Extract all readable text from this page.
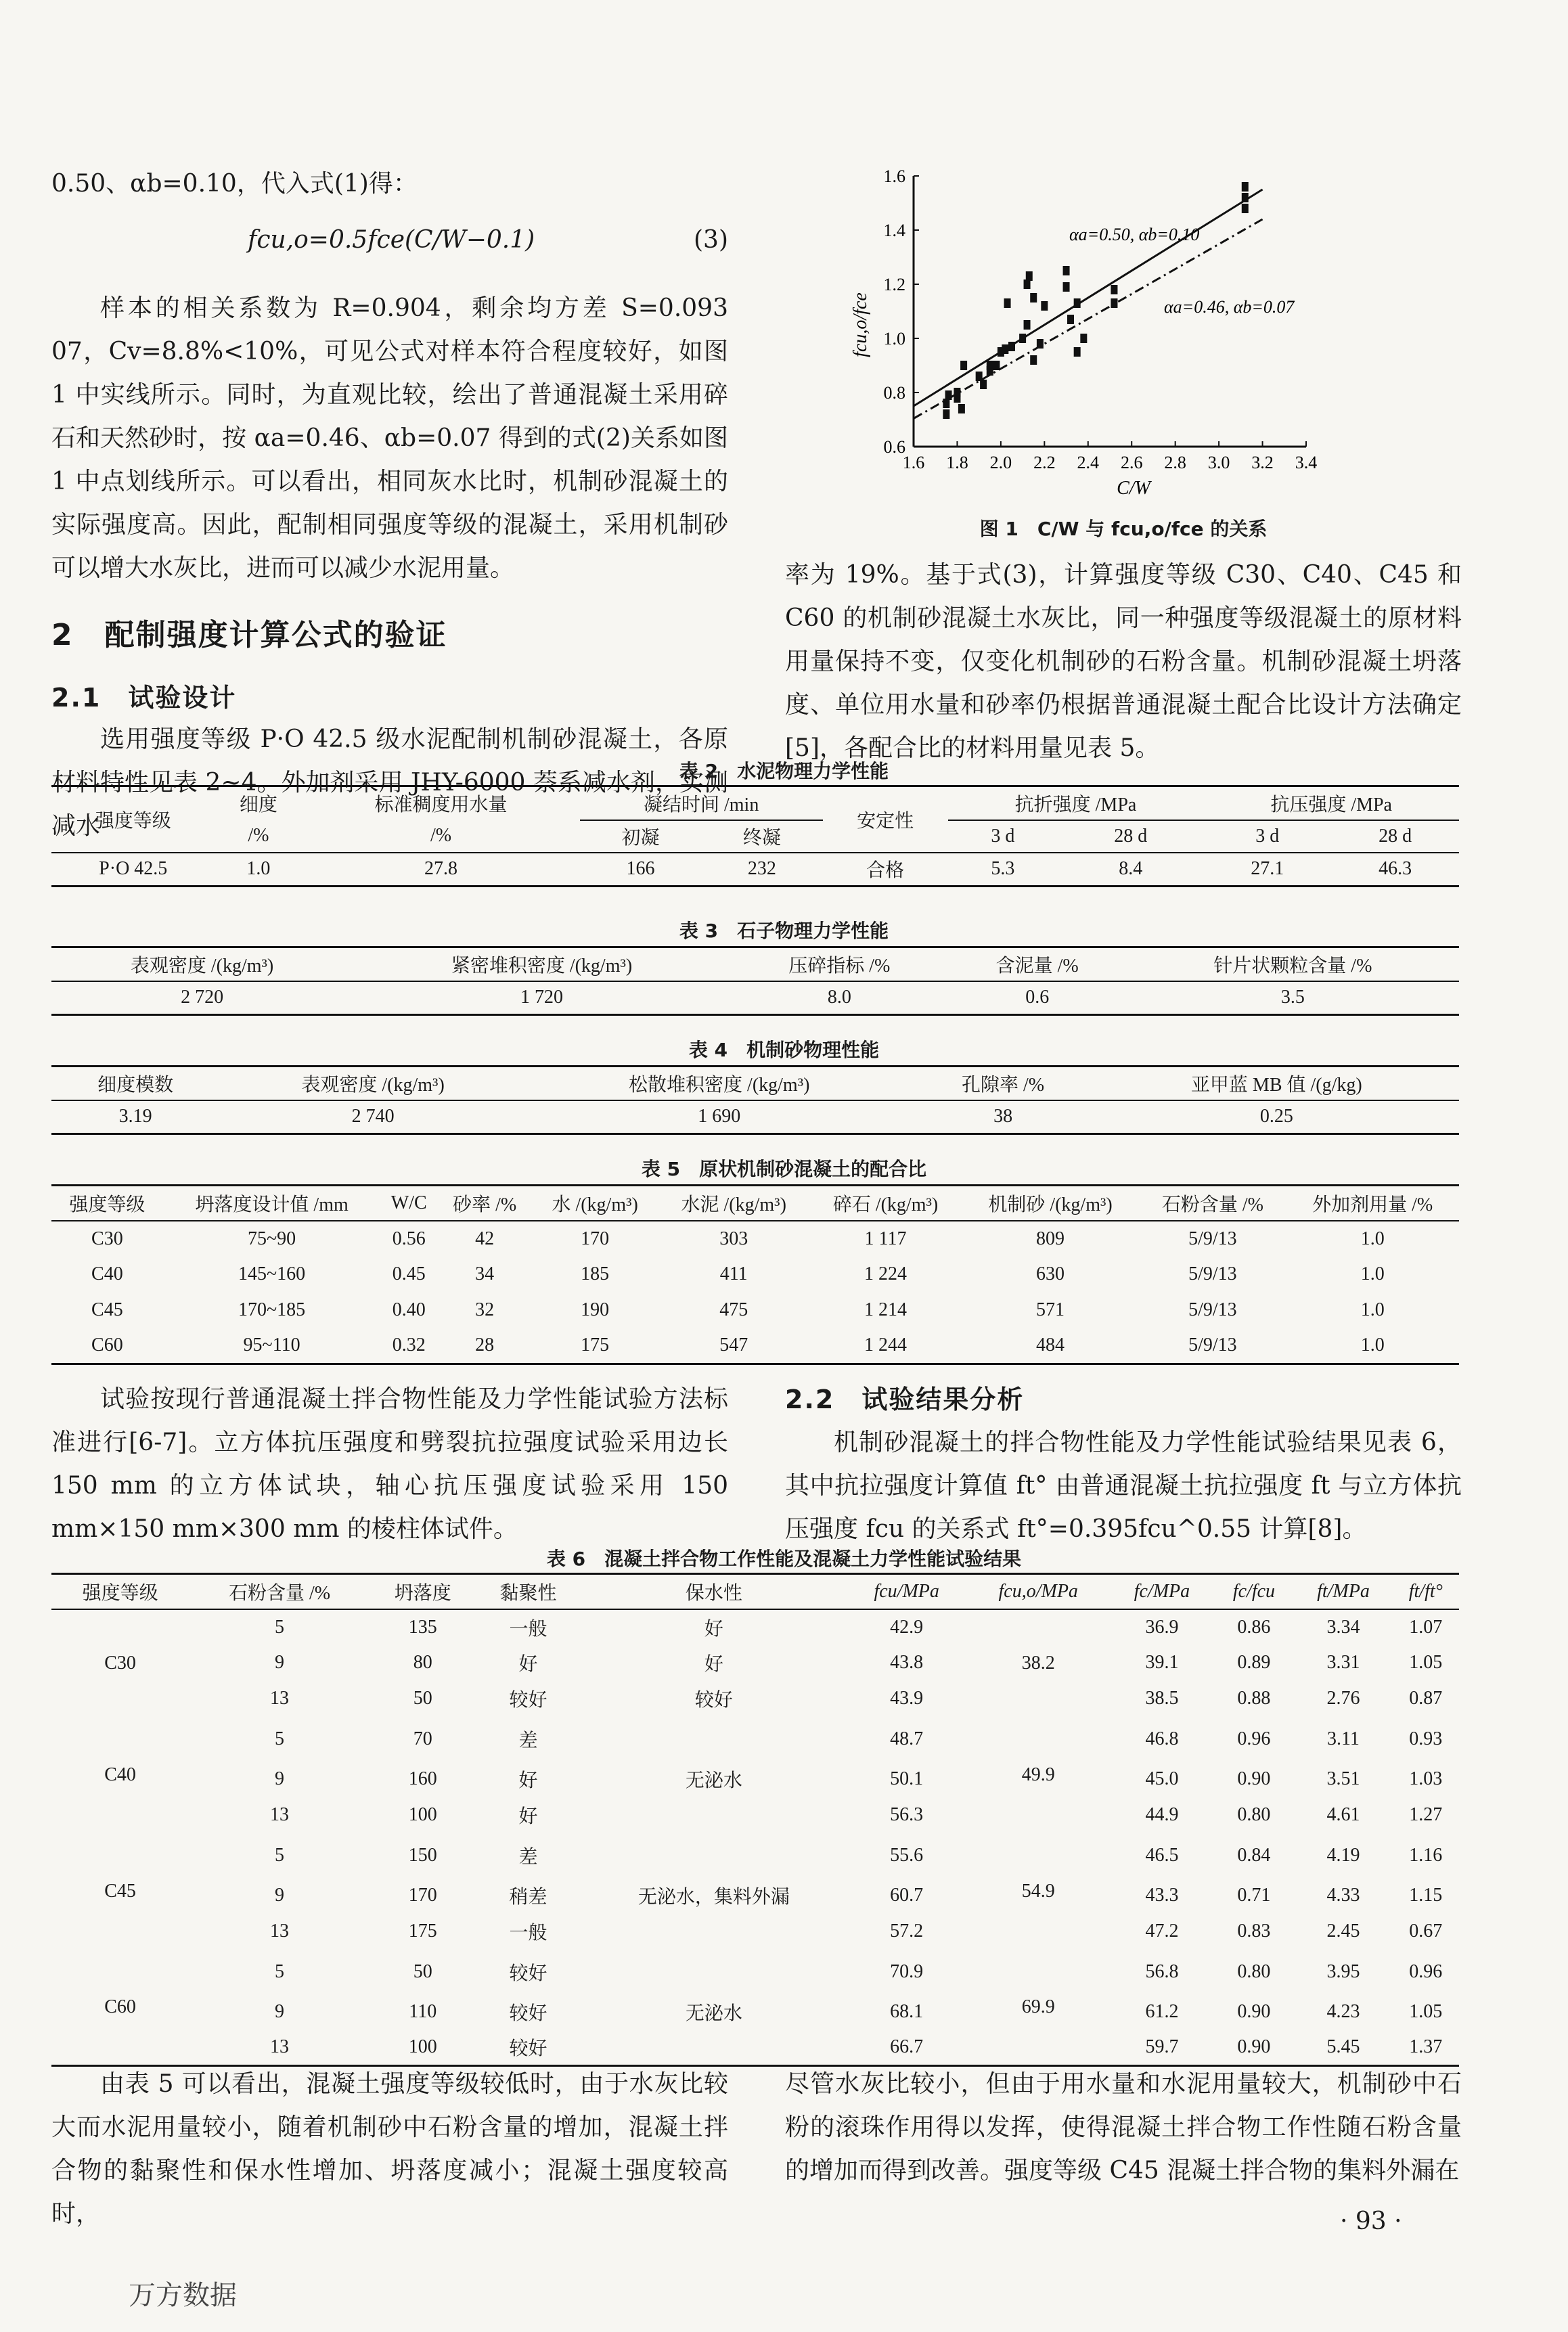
0.50、αb=0.10，代入式(1)得：

fcu,o=0.5fce(C/W−0.1)	(3)

样本的相关系数为 R=0.904，剩余均方差 S=0.093 07，Cv=8.8%<10%，可见公式对样本符合程度较好，如图 1 中实线所示。同时，为直观比较，绘出了普通混凝土采用碎石和天然砂时，按 αa=0.46、αb=0.07 得到的式(2)关系如图 1 中点划线所示。可以看出，相同灰水比时，机制砂混凝土的实际强度高。因此，配制相同强度等级的混凝土，采用机制砂可以增大水灰比，进而可以减少水泥用量。

2　配制强度计算公式的验证
2.1　试验设计

选用强度等级 P·O 42.5 级水泥配制机制砂混凝土，各原材料特性见表 2~4。外加剂采用 JHY-6000 萘系减水剂，实测减水

fcu,o/fce
C/W
αa=0.50, αb=0.10
αa=0.46, αb=0.07
1.6 1.8 2.0 2.2 2.4 2.6 2.8 3.0 3.2 3.4
0.6
0.8
1.0
1.2
1.4
1.6
图 1　C/W 与 fcu,o/fce 的关系

率为 19%。基于式(3)，计算强度等级 C30、C40、C45 和 C60 的机制砂混凝土水灰比，同一种强度等级混凝土的原材料用量保持不变，仅变化机制砂的石粉含量。机制砂混凝土坍落度、单位用水量和砂率仍根据普通混凝土配合比设计方法确定[5]，各配合比的材料用量见表 5。

表 2　水泥物理力学性能
强度等级	细度	标准稠度用水量	凝结时间 /min		安定性	抗折强度 /MPa		抗压强度 /MPa	
	/%	/%	初凝	终凝		3 d	28 d	3 d	28 d
P·O 42.5	1.0	27.8	166	232	合格	5.3	8.4	27.1	46.3
表 3　石子物理力学性能
表观密度 /(kg/m³)	紧密堆积密度 /(kg/m³)	压碎指标 /%	含泥量 /%	针片状颗粒含量 /%
2 720	1 720	8.0	0.6	3.5
表 4　机制砂物理性能
细度模数	表观密度 /(kg/m³)	松散堆积密度 /(kg/m³)	孔隙率 /%	亚甲蓝 MB 值 /(g/kg)
3.19	2 740	1 690	38	0.25
表 5　原状机制砂混凝土的配合比
强度等级	坍落度设计值 /mm	W/C	砂率 /%	水 /(kg/m³)	水泥 /(kg/m³)	碎石 /(kg/m³)	机制砂 /(kg/m³)	石粉含量 /%	外加剂用量 /%
C30	75~90	0.56	42	170	303	1 117	809	5/9/13	1.0
C40	145~160	0.45	34	185	411	1 224	630	5/9/13	1.0
C45	170~185	0.40	32	190	475	1 214	571	5/9/13	1.0
C60	95~110	0.32	28	175	547	1 244	484	5/9/13	1.0

试验按现行普通混凝土拌合物性能及力学性能试验方法标准进行[6-7]。立方体抗压强度和劈裂抗拉强度试验采用边长 150 mm 的立方体试块，轴心抗压强度试验采用 150 mm×150 mm×300 mm 的棱柱体试件。

2.2　试验结果分析

机制砂混凝土的拌合物性能及力学性能试验结果见表 6，其中抗拉强度计算值 ft° 由普通混凝土抗拉强度 ft 与立方体抗压强度 fcu 的关系式 ft°=0.395fcu^0.55 计算[8]。

表 6　混凝土拌合物工作性能及混凝土力学性能试验结果
强度等级	石粉含量 /%	坍落度	黏聚性	保水性	fcu/MPa	fcu,o/MPa	fc/MPa	fc/fcu	ft/MPa	ft/ft°
C30	5	135	一般	好	42.9	38.2	36.9	0.86	3.34	1.07
	9	80	好	好	43.8		39.1	0.89	3.31	1.05
	13	50	较好	较好	43.9		38.5	0.88	2.76	0.87
C40	5	70	差		48.7	49.9	46.8	0.96	3.11	0.93
	9	160	好	无泌水	50.1		45.0	0.90	3.51	1.03
	13	100	好		56.3		44.9	0.80	4.61	1.27
C45	5	150	差		55.6	54.9	46.5	0.84	4.19	1.16
	9	170	稍差	无泌水，集料外漏	60.7		43.3	0.71	4.33	1.15
	13	175	一般		57.2		47.2	0.83	2.45	0.67
C60	5	50	较好		70.9	69.9	56.8	0.80	3.95	0.96
	9	110	较好	无泌水	68.1		61.2	0.90	4.23	1.05
	13	100	较好		66.7		59.7	0.90	5.45	1.37

由表 5 可以看出，混凝土强度等级较低时，由于水灰比较大而水泥用量较小，随着机制砂中石粉含量的增加，混凝土拌合物的黏聚性和保水性增加、坍落度减小；混凝土强度较高时，

尽管水灰比较小，但由于用水量和水泥用量较大，机制砂中石粉的滚珠作用得以发挥，使得混凝土拌合物工作性随石粉含量的增加而得到改善。强度等级 C45 混凝土拌合物的集料外漏在

· 93 ·
万方数据
